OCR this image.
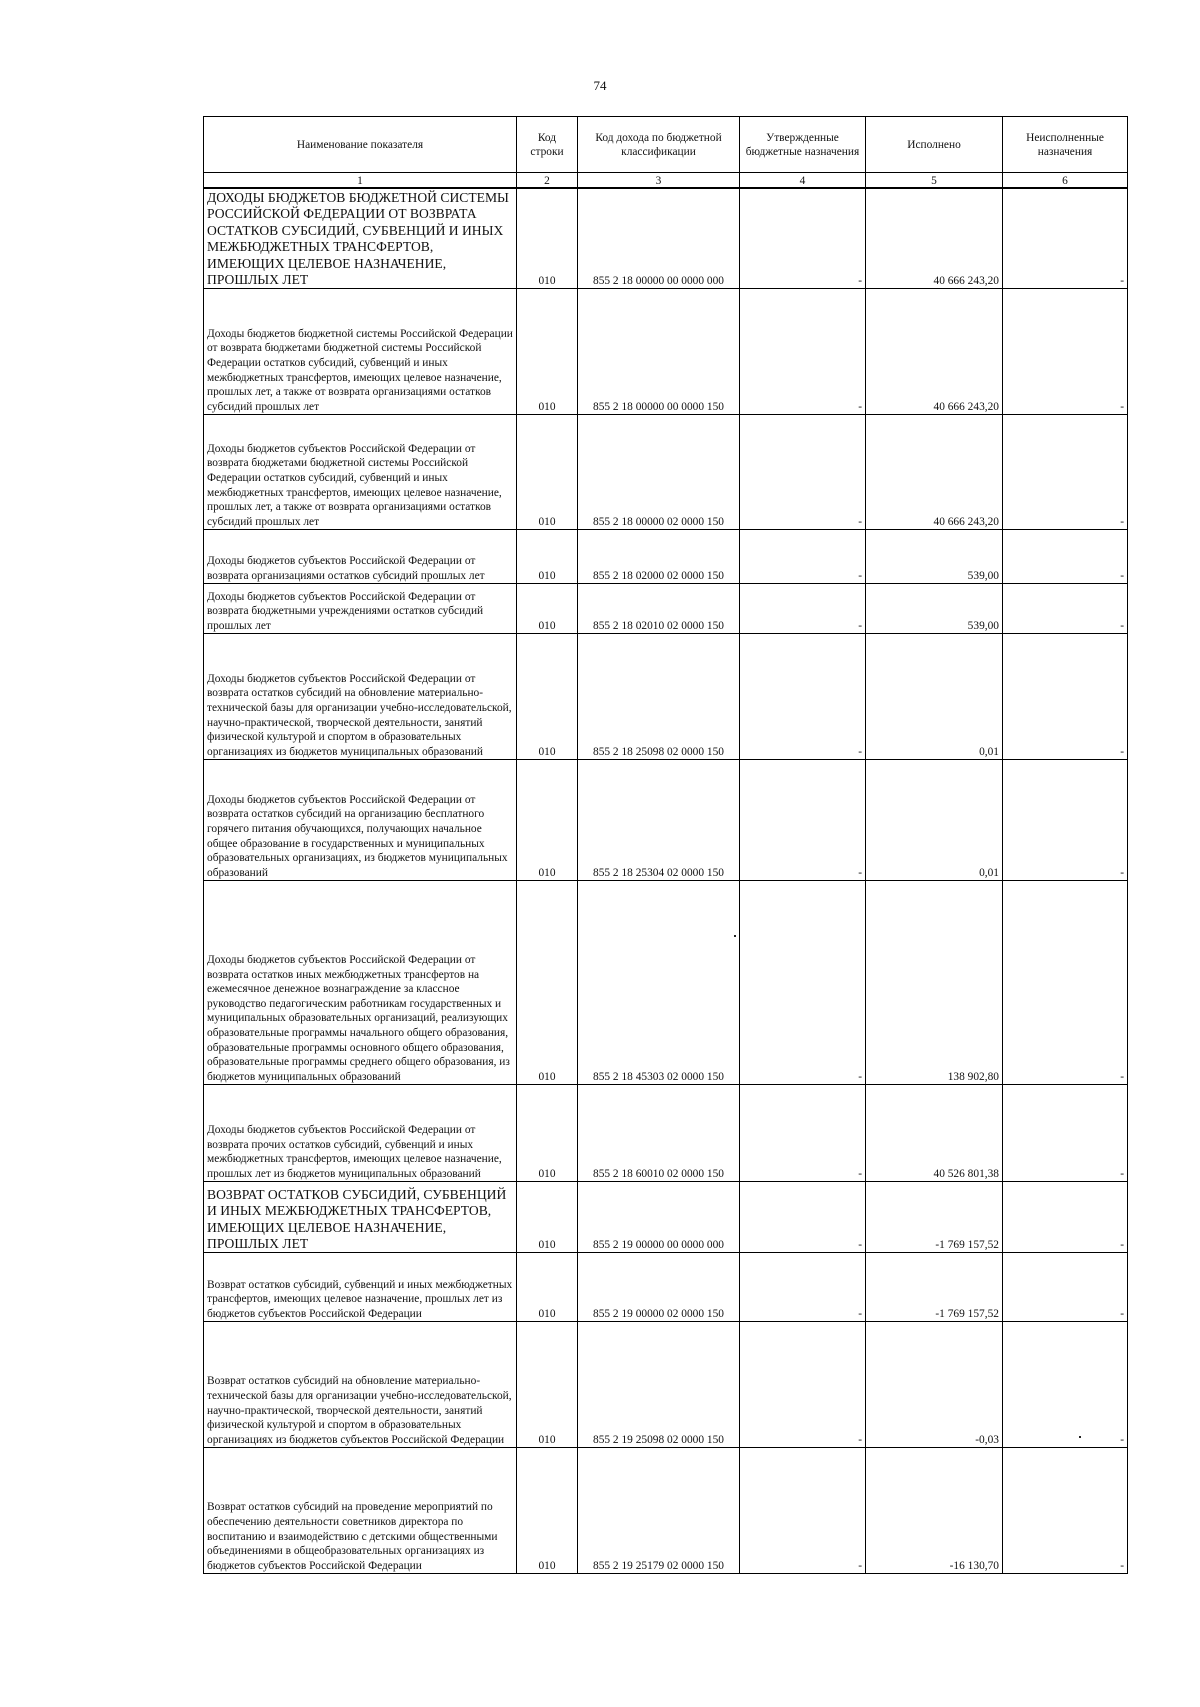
74
Наименование показателя	Код строки	Код дохода по бюджетной классификации	Утвержденные бюджетные назначения	Исполнено	Неисполненные назначения
1	2	3	4	5	6
ДОХОДЫ БЮДЖЕТОВ БЮДЖЕТНОЙ СИСТЕМЫ РОССИЙСКОЙ ФЕДЕРАЦИИ ОТ ВОЗВРАТА ОСТАТКОВ СУБСИДИЙ, СУБВЕНЦИЙ И ИНЫХ МЕЖБЮДЖЕТНЫХ ТРАНСФЕРТОВ, ИМЕЮЩИХ ЦЕЛЕВОЕ НАЗНАЧЕНИЕ, ПРОШЛЫХ ЛЕТ	010	855 2 18 00000 00 0000 000	-	40 666 243,20	-
Доходы бюджетов бюджетной системы Российской Федерации от возврата бюджетами бюджетной системы Российской Федерации остатков субсидий, субвенций и иных межбюджетных трансфертов, имеющих целевое назначение, прошлых лет, а также от возврата организациями остатков субсидий прошлых лет	010	855 2 18 00000 00 0000 150	-	40 666 243,20	-
Доходы бюджетов субъектов Российской Федерации от возврата бюджетами бюджетной системы Российской Федерации остатков субсидий, субвенций и иных межбюджетных трансфертов, имеющих целевое назначение, прошлых лет, а также от возврата организациями остатков субсидий прошлых лет	010	855 2 18 00000 02 0000 150	-	40 666 243,20	-
Доходы бюджетов субъектов Российской Федерации от возврата организациями остатков субсидий прошлых лет	010	855 2 18 02000 02 0000 150	-	539,00	-
Доходы бюджетов субъектов Российской Федерации от возврата бюджетными учреждениями остатков субсидий прошлых лет	010	855 2 18 02010 02 0000 150	-	539,00	-
Доходы бюджетов субъектов Российской Федерации от возврата остатков субсидий на обновление материально-технической базы для организации учебно-исследовательской, научно-практической, творческой деятельности, занятий физической культурой и спортом в образовательных организациях из бюджетов муниципальных образований	010	855 2 18 25098 02 0000 150	-	0,01	-
Доходы бюджетов субъектов Российской Федерации от возврата остатков субсидий на организацию бесплатного горячего питания обучающихся, получающих начальное общее образование в государственных и муниципальных образовательных организациях, из бюджетов муниципальных образований	010	855 2 18 25304 02 0000 150	-	0,01	-
Доходы бюджетов субъектов Российской Федерации от возврата остатков иных межбюджетных трансфертов на ежемесячное денежное вознаграждение за классное руководство педагогическим работникам государственных и муниципальных образовательных организаций, реализующих образовательные программы начального общего образования, образовательные программы основного общего образования, образовательные программы среднего общего образования, из бюджетов муниципальных образований	010	855 2 18 45303 02 0000 150	-	138 902,80	-
Доходы бюджетов субъектов Российской Федерации от возврата прочих остатков субсидий, субвенций и иных межбюджетных трансфертов, имеющих целевое назначение, прошлых лет из бюджетов муниципальных образований	010	855 2 18 60010 02 0000 150	-	40 526 801,38	-
ВОЗВРАТ ОСТАТКОВ СУБСИДИЙ, СУБВЕНЦИЙ И ИНЫХ МЕЖБЮДЖЕТНЫХ ТРАНСФЕРТОВ, ИМЕЮЩИХ ЦЕЛЕВОЕ НАЗНАЧЕНИЕ, ПРОШЛЫХ ЛЕТ	010	855 2 19 00000 00 0000 000	-	-1 769 157,52	-
Возврат остатков субсидий, субвенций и иных межбюджетных трансфертов, имеющих целевое назначение, прошлых лет из бюджетов субъектов Российской Федерации	010	855 2 19 00000 02 0000 150	-	-1 769 157,52	-
Возврат остатков субсидий на обновление материально-технической базы для организации учебно-исследовательской, научно-практической, творческой деятельности, занятий физической культурой и спортом в образовательных организациях из бюджетов субъектов Российской Федерации	010	855 2 19 25098 02 0000 150	-	-0,03	-
Возврат остатков субсидий на проведение мероприятий по обеспечению деятельности советников директора по воспитанию и взаимодействию с детскими общественными объединениями в общеобразовательных организациях из бюджетов субъектов Российской Федерации	010	855 2 19 25179 02 0000 150	-	-16 130,70	-
